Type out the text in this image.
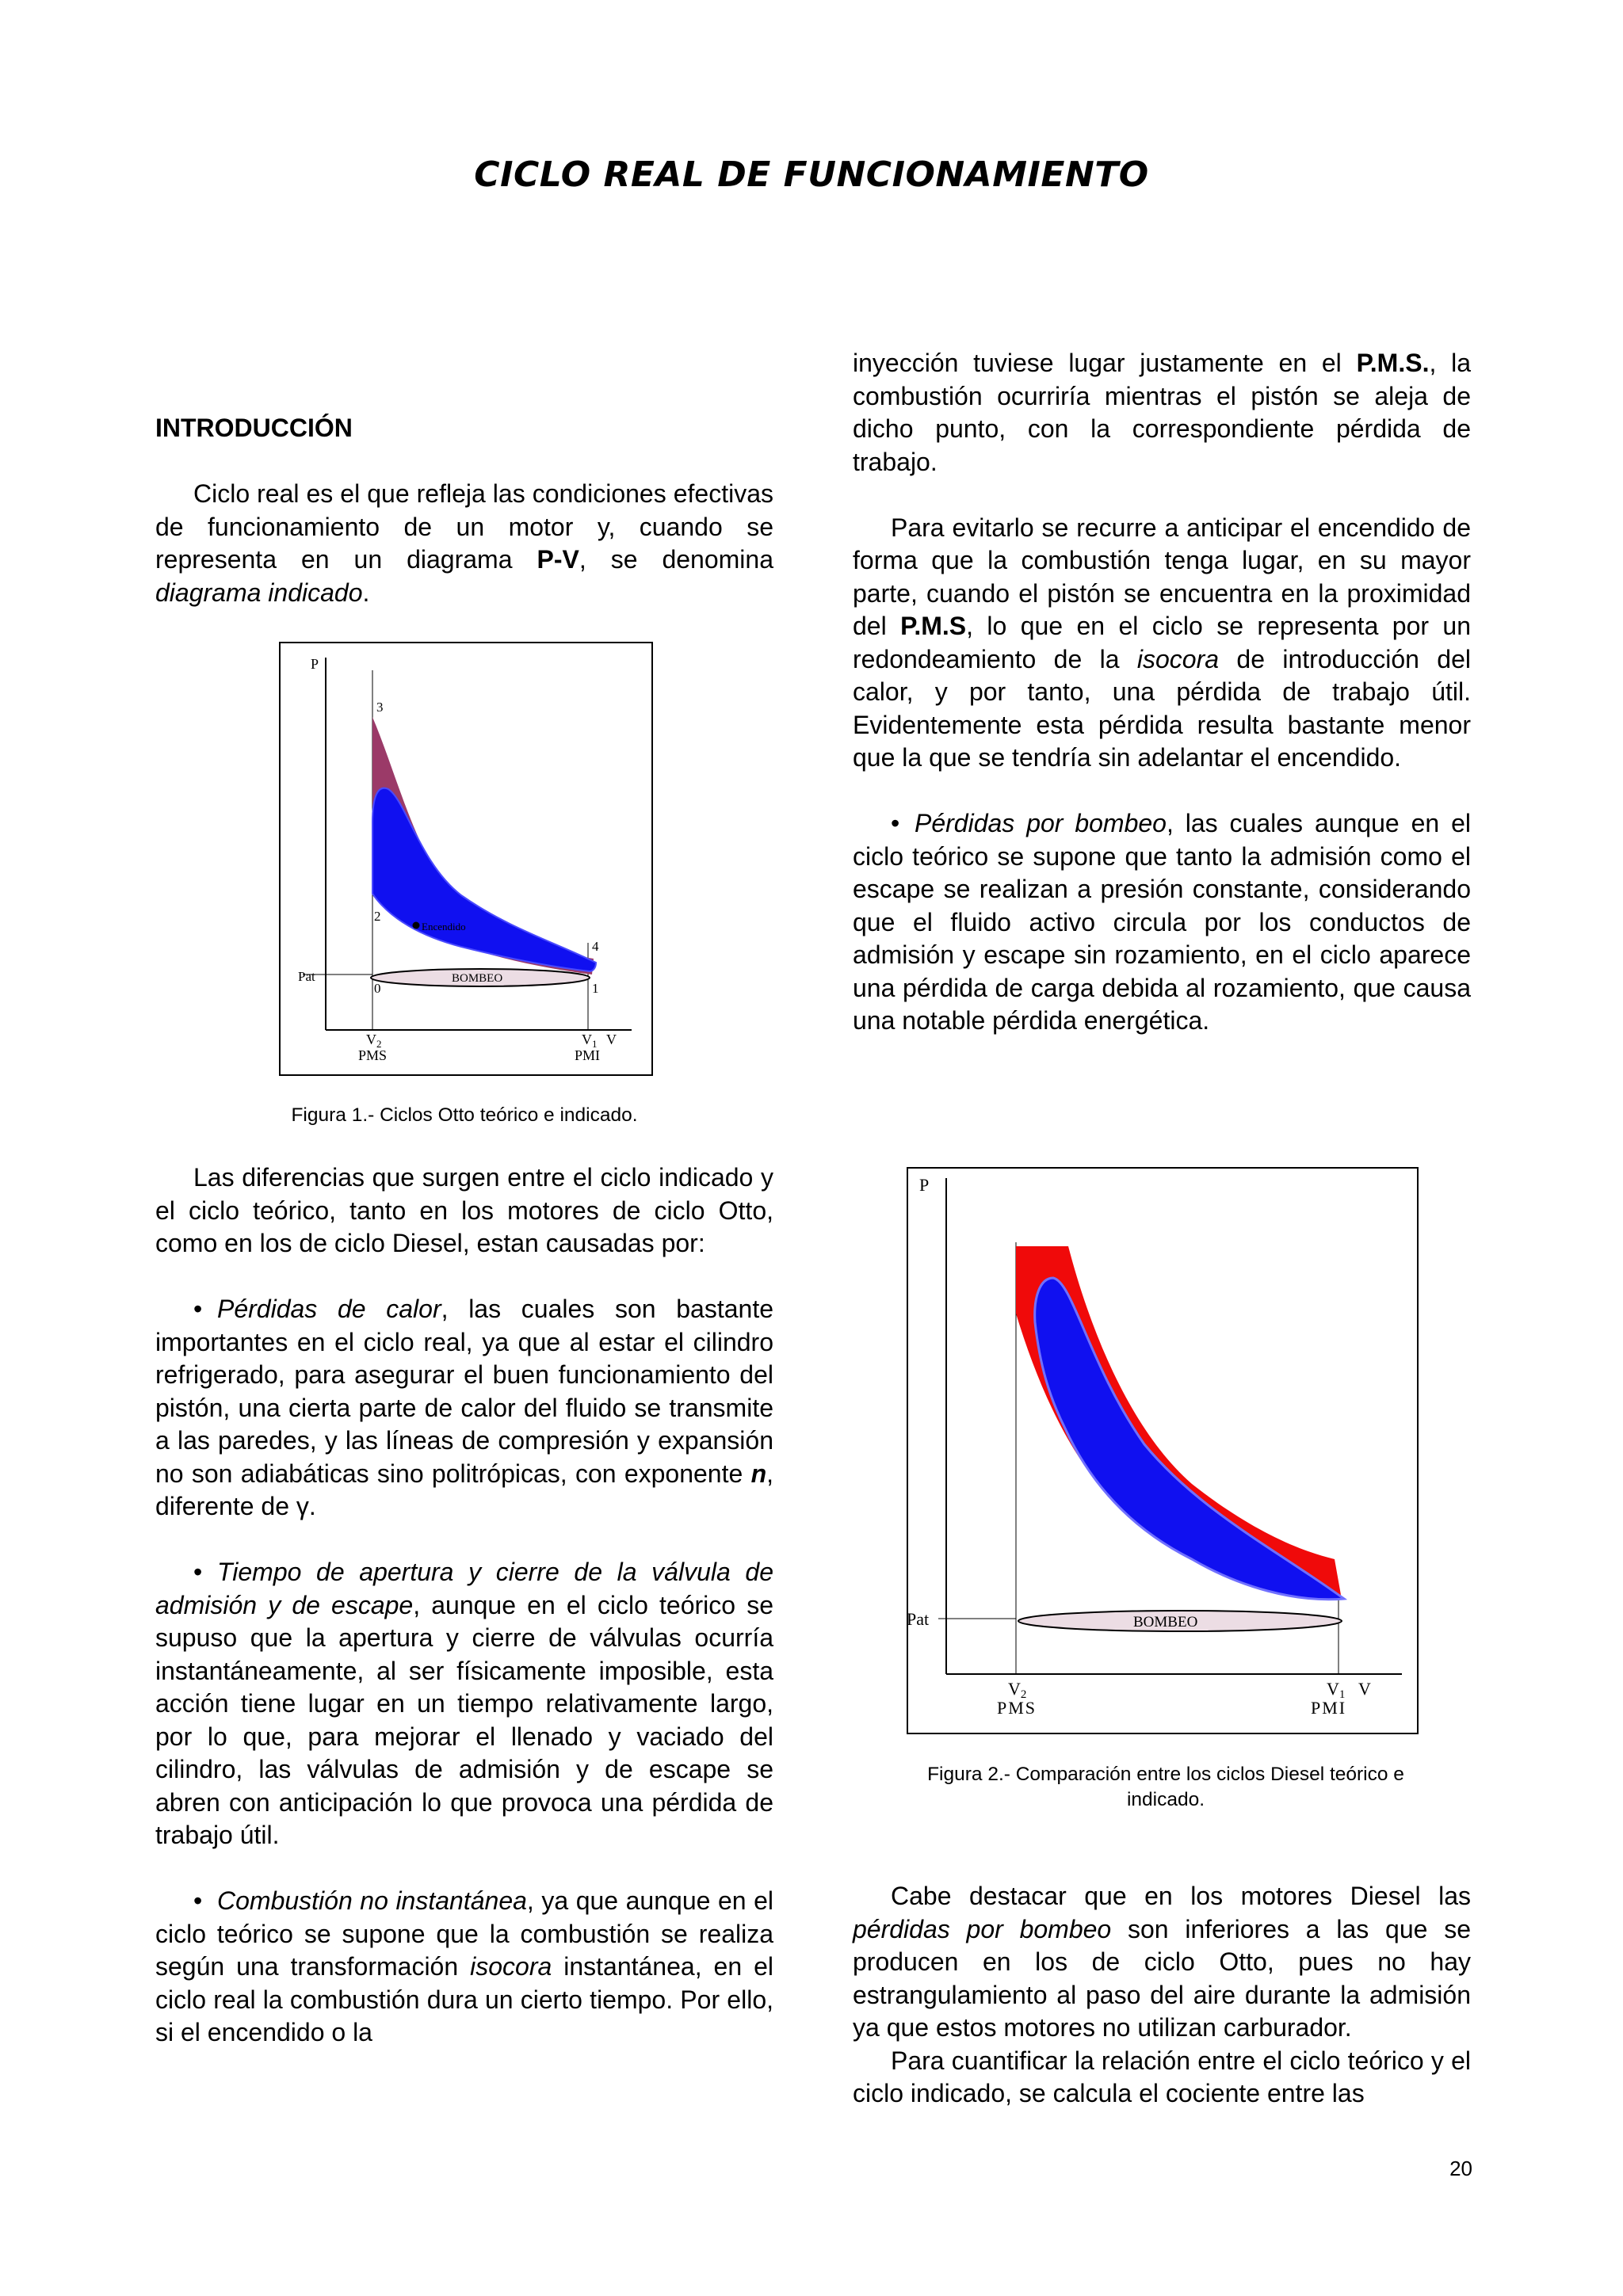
CICLO REAL DE FUNCIONAMIENTO

INTRODUCCIÓN

Ciclo real es el que refleja las condiciones efectivas de funcionamiento de un motor y, cuando se representa en un diagrama P-V, se denomina diagrama indicado.

P
3
2
Encendido
4
0	1
Pat	BOMBEO
$V_2$	$V_1$ V
PMS	PMI
Figura 1.- Ciclos Otto teórico e indicado.

Las diferencias que surgen entre el ciclo indicado y el ciclo teórico, tanto en los motores de ciclo Otto, como en los de ciclo Diesel, estan causadas por:

• Pérdidas de calor, las cuales son bastante importantes en el ciclo real, ya que al estar el cilindro refrigerado, para asegurar el buen funcionamiento del pistón, una cierta parte de calor del fluido se transmite a las paredes, y las líneas de compresión y expansión no son adiabáticas sino politrópicas, con exponente n, diferente de γ.

• Tiempo de apertura y cierre de la válvula de admisión y de escape, aunque en el ciclo teórico se supuso que la apertura y cierre de válvulas ocurría instantáneamente, al ser físicamente imposible, esta acción tiene lugar en un tiempo relativamente largo, por lo que, para mejorar el llenado y vaciado del cilindro, las válvulas de admisión y de escape se abren con anticipación lo que provoca una pérdida de trabajo útil.

• Combustión no instantánea, ya que aunque en el ciclo teórico se supone que la combustión se realiza según una transformación isocora instantánea, en el ciclo real la combustión dura un cierto tiempo. Por ello, si el encendido o la

inyección tuviese lugar justamente en el P.M.S., la combustión ocurriría mientras el pistón se aleja de dicho punto, con la correspondiente pérdida de trabajo.

Para evitarlo se recurre a anticipar el encendido de forma que la combustión tenga lugar, en su mayor parte, cuando el pistón se encuentra en la proximidad del P.M.S, lo que en el ciclo se representa por un redondeamiento de la isocora de introducción del calor, y por tanto, una pérdida de trabajo útil. Evidentemente esta pérdida resulta bastante menor que la que se tendría sin adelantar el encendido.

• Pérdidas por bombeo, las cuales aunque en el ciclo teórico se supone que tanto la admisión como el escape se realizan a presión constante, considerando que el fluido activo circula por los conductos de admisión y escape sin rozamiento, en el ciclo aparece una pérdida de carga debida al rozamiento, que causa una notable pérdida energética.

P
Pat	BOMBEO
V2	V1 V
PMS	PMI
Figura 2.- Comparación entre los ciclos Diesel teórico e
indicado.

Cabe destacar que en los motores Diesel las pérdidas por bombeo son inferiores a las que se producen en los de ciclo Otto, pues no hay estrangulamiento al paso del aire durante la admisión ya que estos motores no utilizan carburador.

Para cuantificar la relación entre el ciclo teórico y el ciclo indicado, se calcula el cociente entre las

20
